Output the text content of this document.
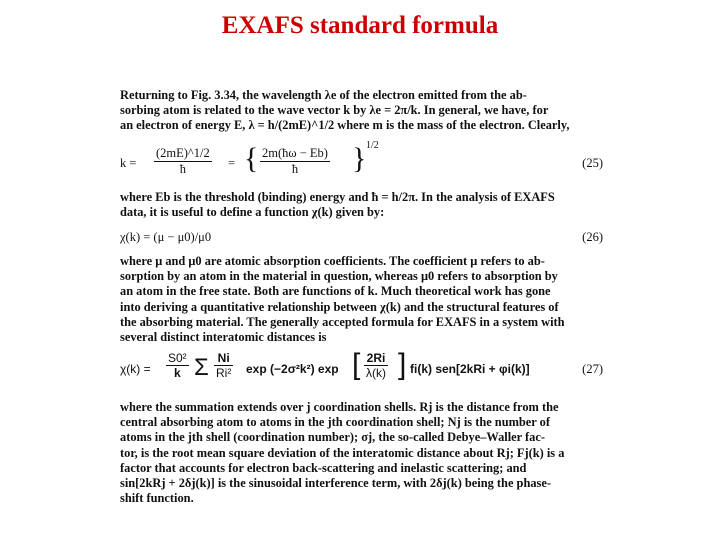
EXAFS standard formula
Returning to Fig. 3.34, the wavelength λe of the electron emitted from the ab-
sorbing atom is related to the wave vector k by λe = 2π/k. In general, we have, for
an electron of energy E, λ = h/(2mE)^1/2 where m is the mass of the electron. Clearly,
$k = \frac{(2mE)\^{}1/2}{ħ}$ = { $\frac{2m(ħ\omega - Eb)}{ħ}$ } 1/2
(25)
where Eb is the threshold (binding) energy and ħ = h/2π. In the analysis of EXAFS
data, it is useful to define a function χ(k) given by:
χ(k) = (μ − μ0)/μ0	(26)
where μ and μ0 are atomic absorption coefficients. The coefficient μ refers to ab-
sorption by an atom in the material in question, whereas μ0 refers to absorption by
an atom in the free state. Both are functions of k. Much theoretical work has gone
into deriving a quantitative relationship between χ(k) and the structural features of
the absorbing material. The generally accepted formula for EXAFS in a system with
several distinct interatomic distances is
$\chi(k) = \frac{\text{S0²}}{k}$ Σ $\frac{Ni}{\text{Ri²}}$ exp (−2σ²k²) exp [ $\frac{2Ri}{\lambda(k)}$ ] fi(k) sen[2kRi + φi(k)]	(27)
where the summation extends over j coordination shells. Rj is the distance from the
central absorbing atom to atoms in the jth coordination shell; Nj is the number of
atoms in the jth shell (coordination number); σj, the so-called Debye–Waller fac-
tor, is the root mean square deviation of the interatomic distance about Rj; Fj(k) is a
factor that accounts for electron back-scattering and inelastic scattering; and
sin[2kRj + 2δj(k)] is the sinusoidal interference term, with 2δj(k) being the phase-
shift function.
